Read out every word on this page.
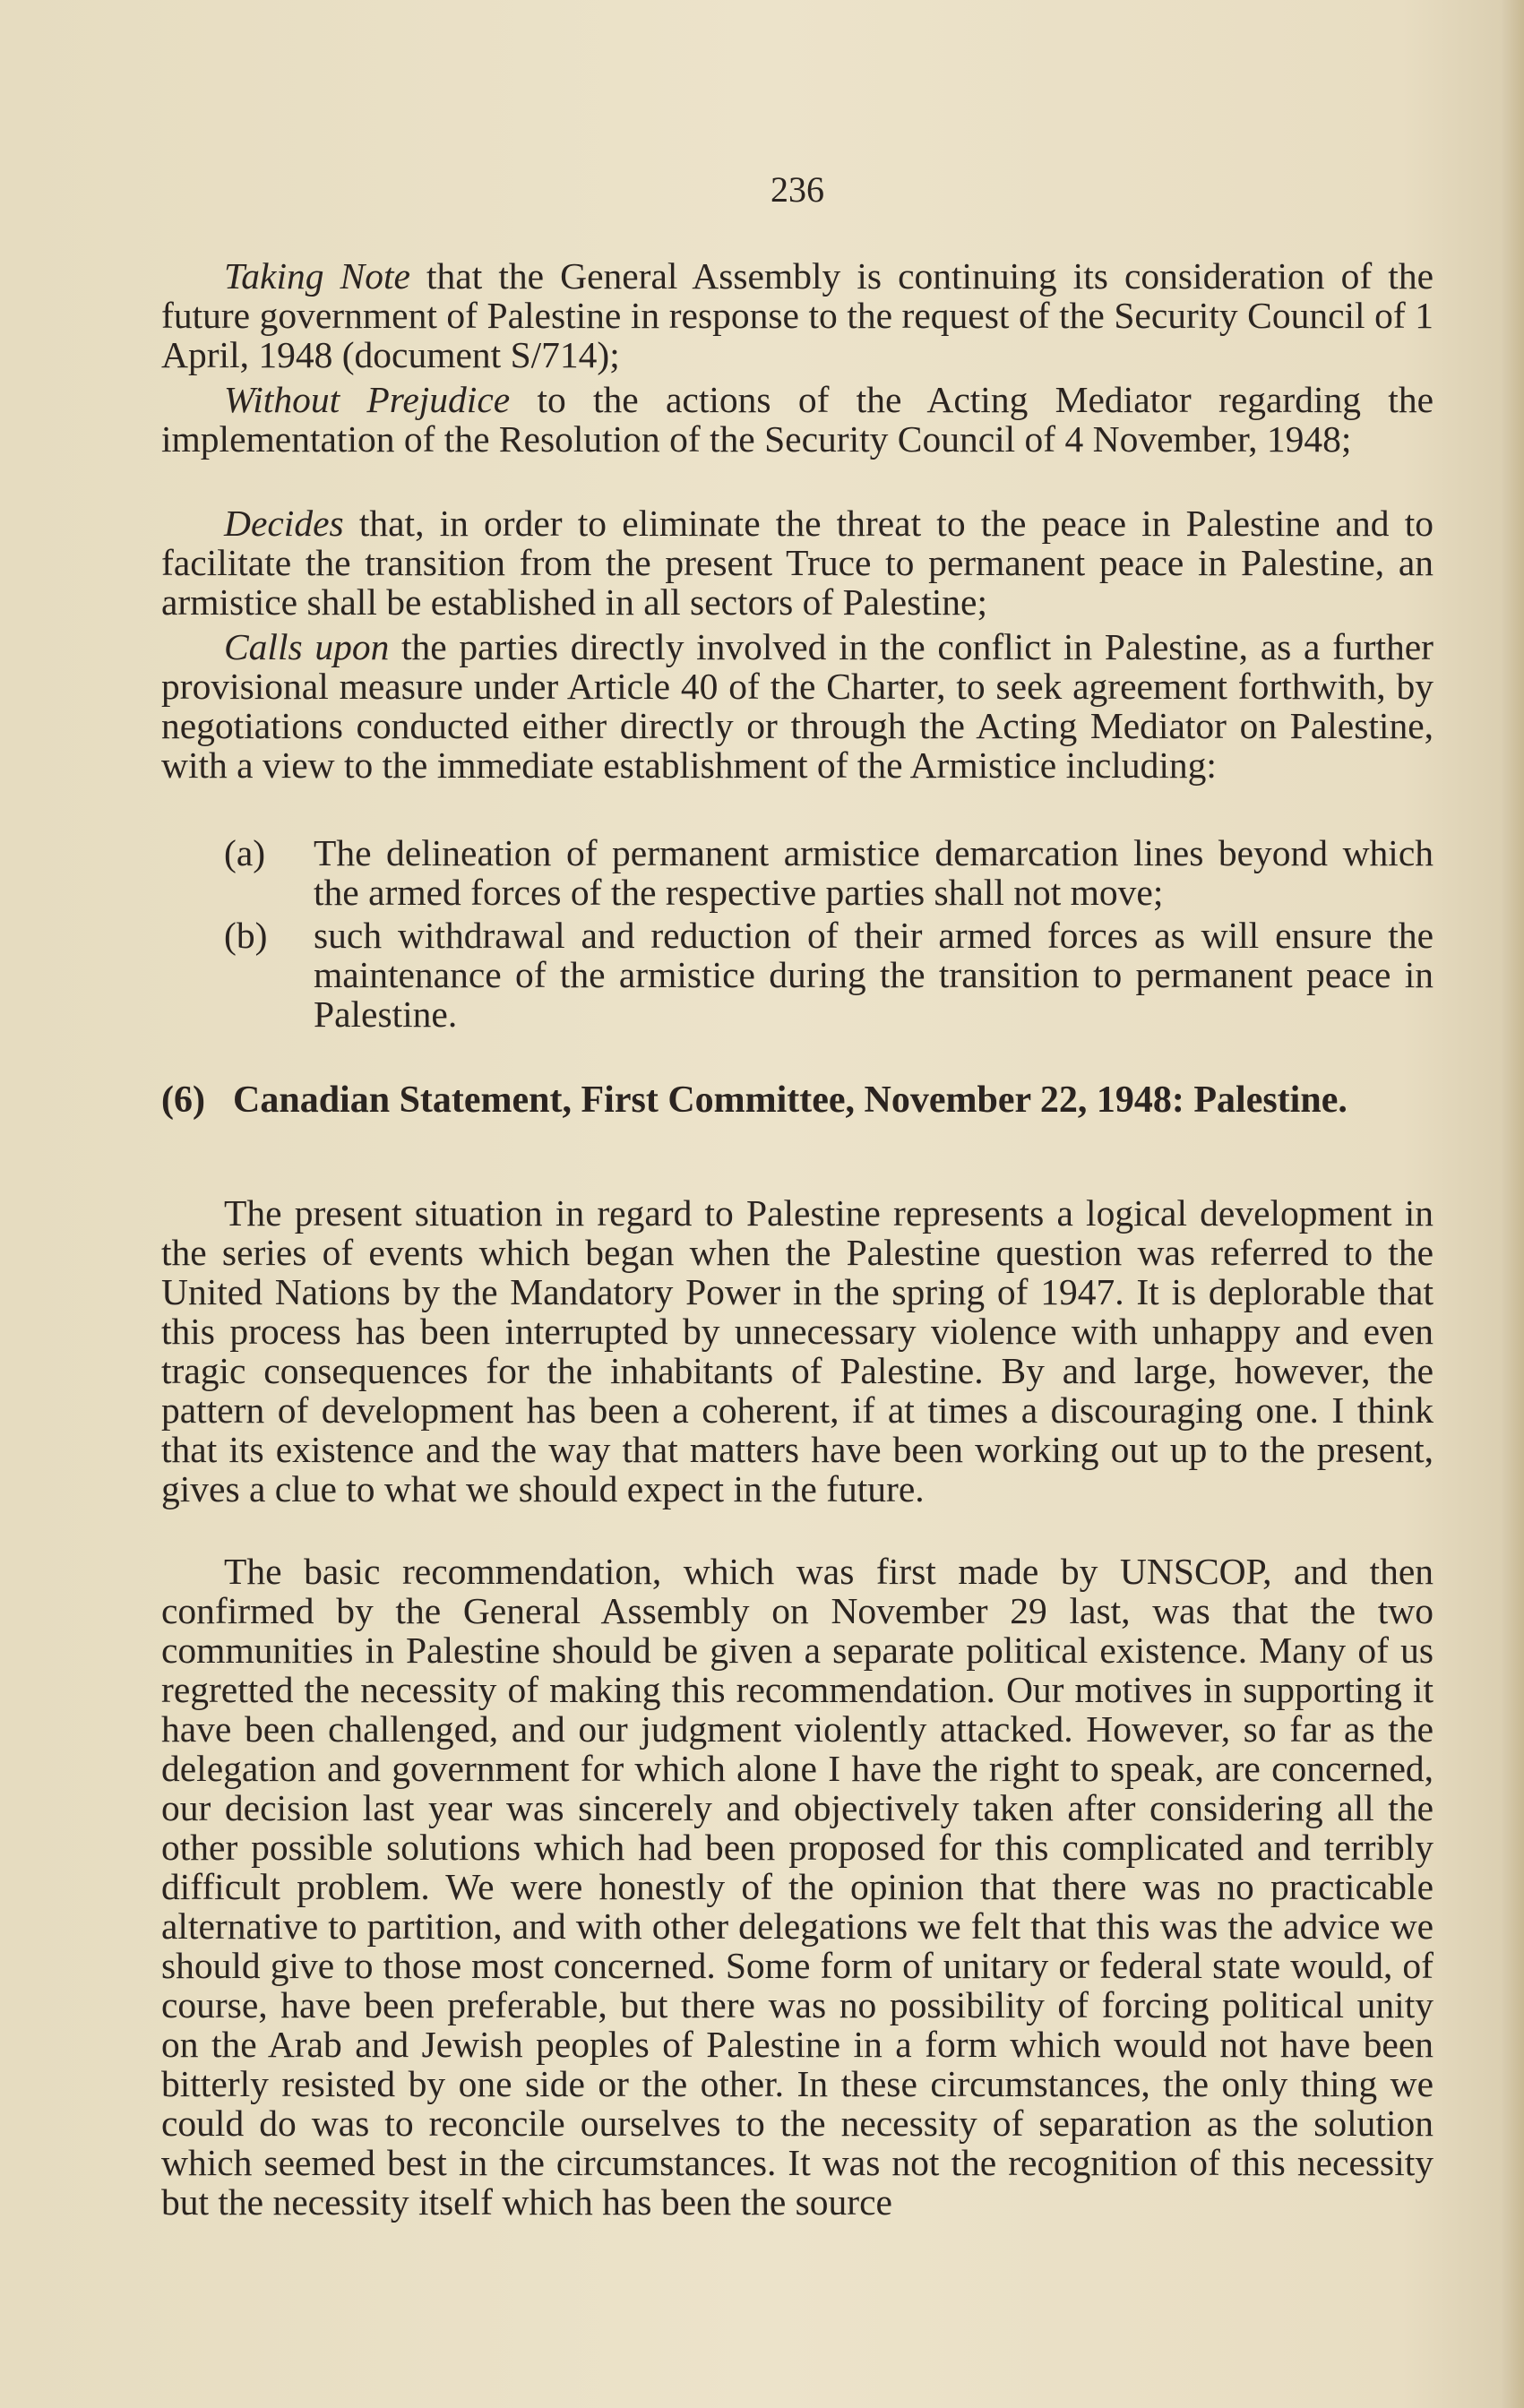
236
Taking Note that the General Assembly is continuing its consideration of the future government of Palestine in response to the request of the Security Council of 1 April, 1948 (document S/714);
Without Prejudice to the actions of the Acting Mediator regarding the implementation of the Resolution of the Security Council of 4 November, 1948;
Decides that, in order to eliminate the threat to the peace in Palestine and to facilitate the transition from the present Truce to permanent peace in Palestine, an armistice shall be established in all sectors of Palestine;
Calls upon the parties directly involved in the conflict in Palestine, as a further provisional measure under Article 40 of the Charter, to seek agreement forthwith, by negotiations conducted either directly or through the Acting Mediator on Palestine, with a view to the immediate establishment of the Armistice including:
(a)	The delineation of permanent armistice demarcation lines beyond which the armed forces of the respective parties shall not move;
(b)	such withdrawal and reduction of their armed forces as will ensure the maintenance of the armistice during the transition to permanent peace in Palestine.
(6) Canadian Statement, First Committee, November 22, 1948: Palestine.
The present situation in regard to Palestine represents a logical development in the series of events which began when the Palestine question was referred to the United Nations by the Mandatory Power in the spring of 1947. It is deplorable that this process has been interrupted by unnecessary violence with unhappy and even tragic consequences for the inhabitants of Palestine. By and large, however, the pattern of development has been a coherent, if at times a discouraging one. I think that its existence and the way that matters have been working out up to the present, gives a clue to what we should expect in the future.
The basic recommendation, which was first made by UNSCOP, and then confirmed by the General Assembly on November 29 last, was that the two communities in Palestine should be given a separate political existence. Many of us regretted the necessity of making this recommendation. Our motives in supporting it have been challenged, and our judgment violently attacked. However, so far as the delegation and government for which alone I have the right to speak, are concerned, our decision last year was sincerely and objectively taken after considering all the other possible solutions which had been proposed for this complicated and terribly difficult problem. We were honestly of the opinion that there was no practicable alternative to partition, and with other delegations we felt that this was the advice we should give to those most concerned. Some form of unitary or federal state would, of course, have been preferable, but there was no possibility of forcing political unity on the Arab and Jewish peoples of Palestine in a form which would not have been bitterly resisted by one side or the other. In these circumstances, the only thing we could do was to reconcile ourselves to the necessity of separation as the solution which seemed best in the circumstances. It was not the recognition of this necessity but the necessity itself which has been the source
